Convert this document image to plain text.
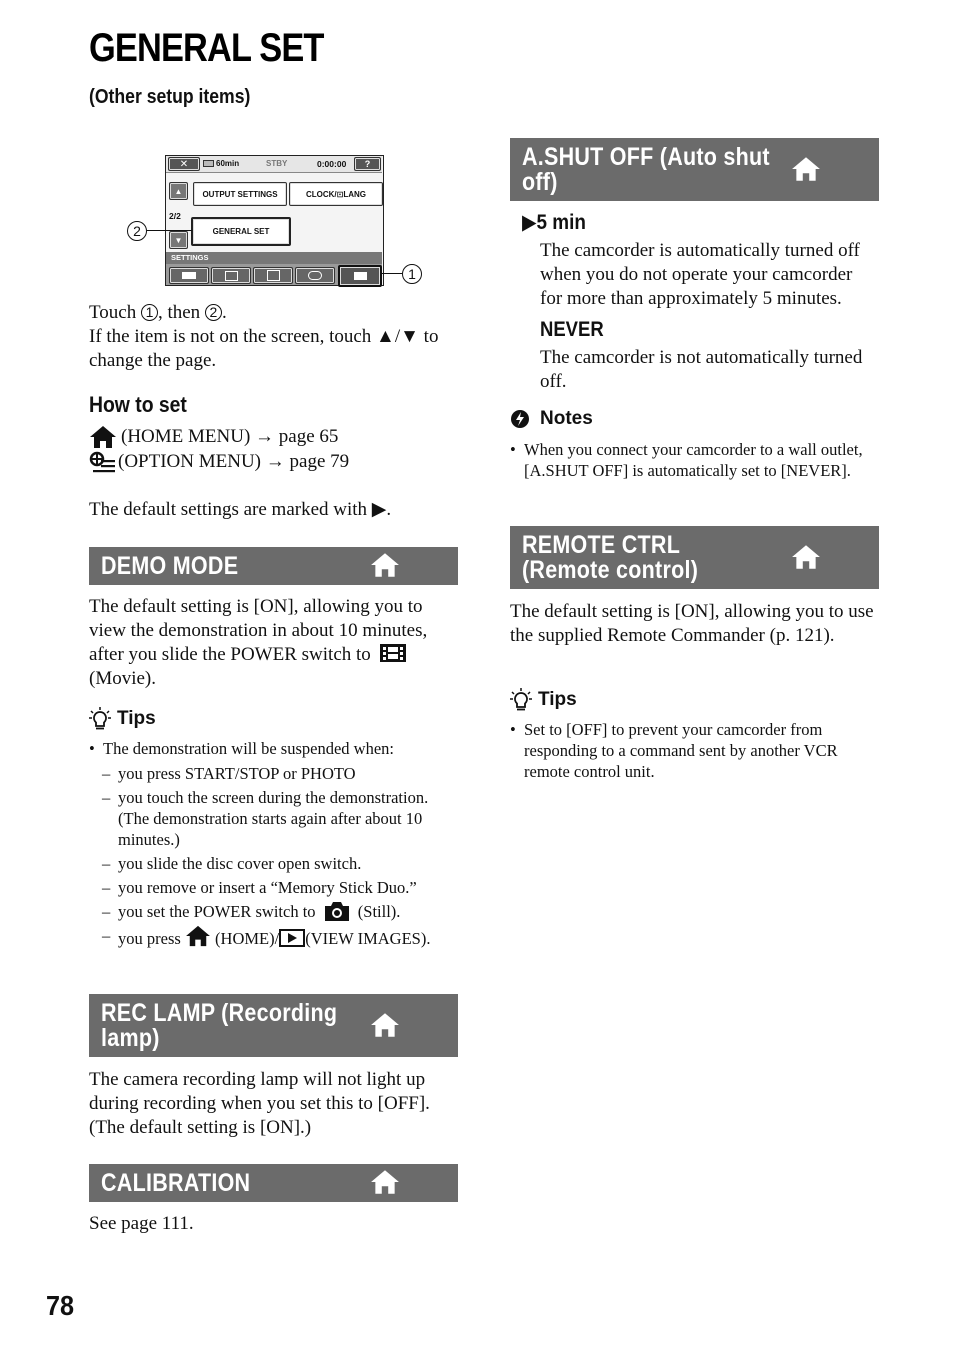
GENERAL SET
(Other setup items)
✕	60min	STBY	0:00:00	?
▲
2/2
▼
OUTPUT SETTINGS	CLOCK/⊡LANG
GENERAL SET
SETTINGS
1
2
Touch 1 , then 2 .
If the item is not on the screen, touch ▲/▼ to change the page.
How to set
(HOME MENU) → page 65
(OPTION MENU) → page 79
The default settings are marked with ▶.
DEMO MODE
The default setting is [ON], allowing you to view the demonstration in about 10 minutes, after you slide the POWER switch to  (Movie).
Tips
• The demonstration will be suspended when:
– you press START/STOP or PHOTO
– you touch the screen during the demonstration. (The demonstration starts again after about 10 minutes.)
– you slide the disc cover open switch.
– you remove or insert a “Memory Stick Duo.”
– you set the POWER switch to	(Still).
– you press (HOME)/ (VIEW IMAGES).
REC LAMP (Recording lamp)
The camera recording lamp will not light up during recording when you set this to [OFF]. (The default setting is [ON].)
CALIBRATION
See page 111.
A.SHUT OFF (Auto shut off)
▶5 min
The camcorder is automatically turned off when you do not operate your camcorder for more than approximately 5 minutes.
NEVER
The camcorder is not automatically turned off.
Notes
• When you connect your camcorder to a wall outlet, [A.SHUT OFF] is automatically set to [NEVER].
REMOTE CTRL (Remote control)
The default setting is [ON], allowing you to use the supplied Remote Commander (p. 121).
Tips
• Set to [OFF] to prevent your camcorder from responding to a command sent by another VCR remote control unit.
78
